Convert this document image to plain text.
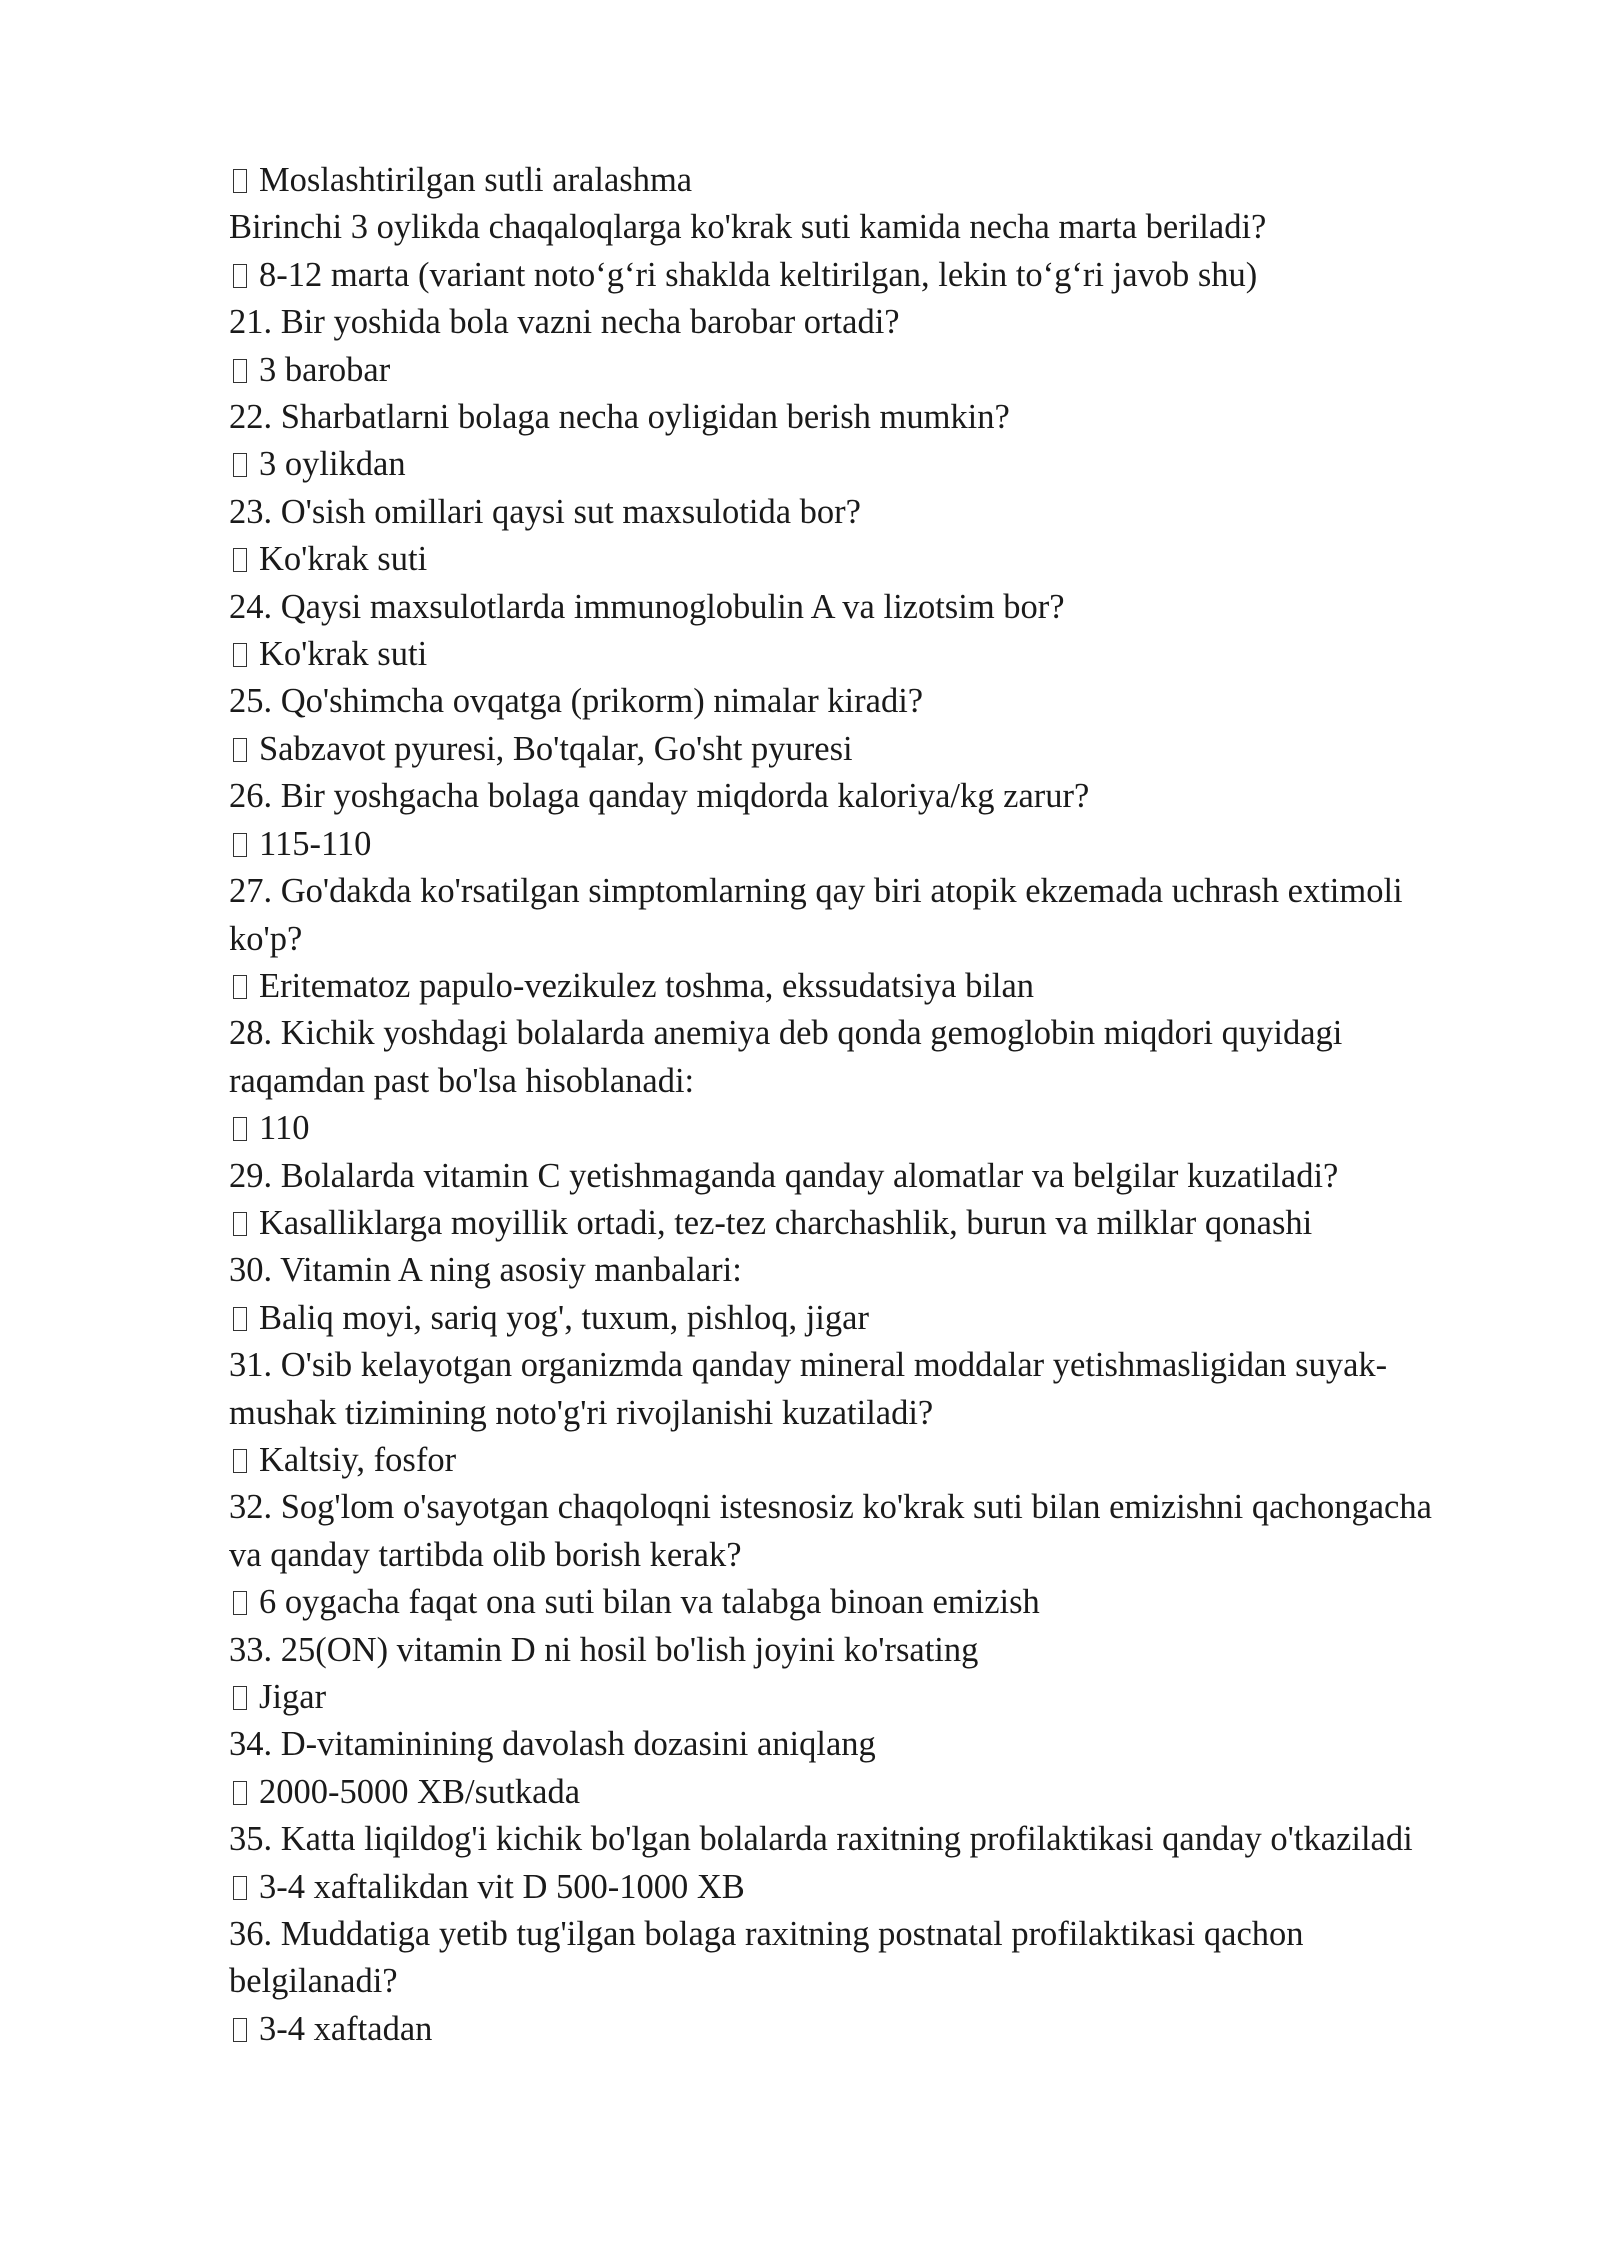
Moslashtirilgan sutli aralashma
Birinchi 3 oylikda chaqaloqlarga ko'krak suti kamida necha marta beriladi?
8-12 marta (variant noto‘g‘ri shaklda keltirilgan, lekin to‘g‘ri javob shu)
21. Bir yoshida bola vazni necha barobar ortadi?
3 barobar
22. Sharbatlarni bolaga necha oyligidan berish mumkin?
3 oylikdan
23. O'sish omillari qaysi sut maxsulotida bor?
Ko'krak suti
24. Qaysi maxsulotlarda immunoglobulin A va lizotsim bor?
Ko'krak suti
25. Qo'shimcha ovqatga (prikorm) nimalar kiradi?
Sabzavot pyuresi, Bo'tqalar, Go'sht pyuresi
26. Bir yoshgacha bolaga qanday miqdorda kaloriya/kg zarur?
115-110
27. Go'dakda ko'rsatilgan simptomlarning qay biri atopik ekzemada uchrash extimoli ko'p?
Eritematoz papulo-vezikulez toshma, ekssudatsiya bilan
28. Kichik yoshdagi bolalarda anemiya deb qonda gemoglobin miqdori quyidagi raqamdan past bo'lsa hisoblanadi:
110
29. Bolalarda vitamin C yetishmaganda qanday alomatlar va belgilar kuzatiladi?
Kasalliklarga moyillik ortadi, tez-tez charchashlik, burun va milklar qonashi
30. Vitamin A ning asosiy manbalari:
Baliq moyi, sariq yog', tuxum, pishloq, jigar
31. O'sib kelayotgan organizmda qanday mineral moddalar yetishmasligidan suyak-mushak tizimining noto'g'ri rivojlanishi kuzatiladi?
Kaltsiy, fosfor
32. Sog'lom o'sayotgan chaqoloqni istesnosiz ko'krak suti bilan emizishni qachongacha va qanday tartibda olib borish kerak?
6 oygacha faqat ona suti bilan va talabga binoan emizish
33. 25(ON) vitamin D ni hosil bo'lish joyini ko'rsating
Jigar
34. D-vitaminining davolash dozasini aniqlang
2000-5000 XB/sutkada
35. Katta liqildog'i kichik bo'lgan bolalarda raxitning profilaktikasi qanday o'tkaziladi
3-4 xaftalikdan vit D 500-1000 XB
36. Muddatiga yetib tug'ilgan bolaga raxitning postnatal profilaktikasi qachon belgilanadi?
3-4 xaftadan
